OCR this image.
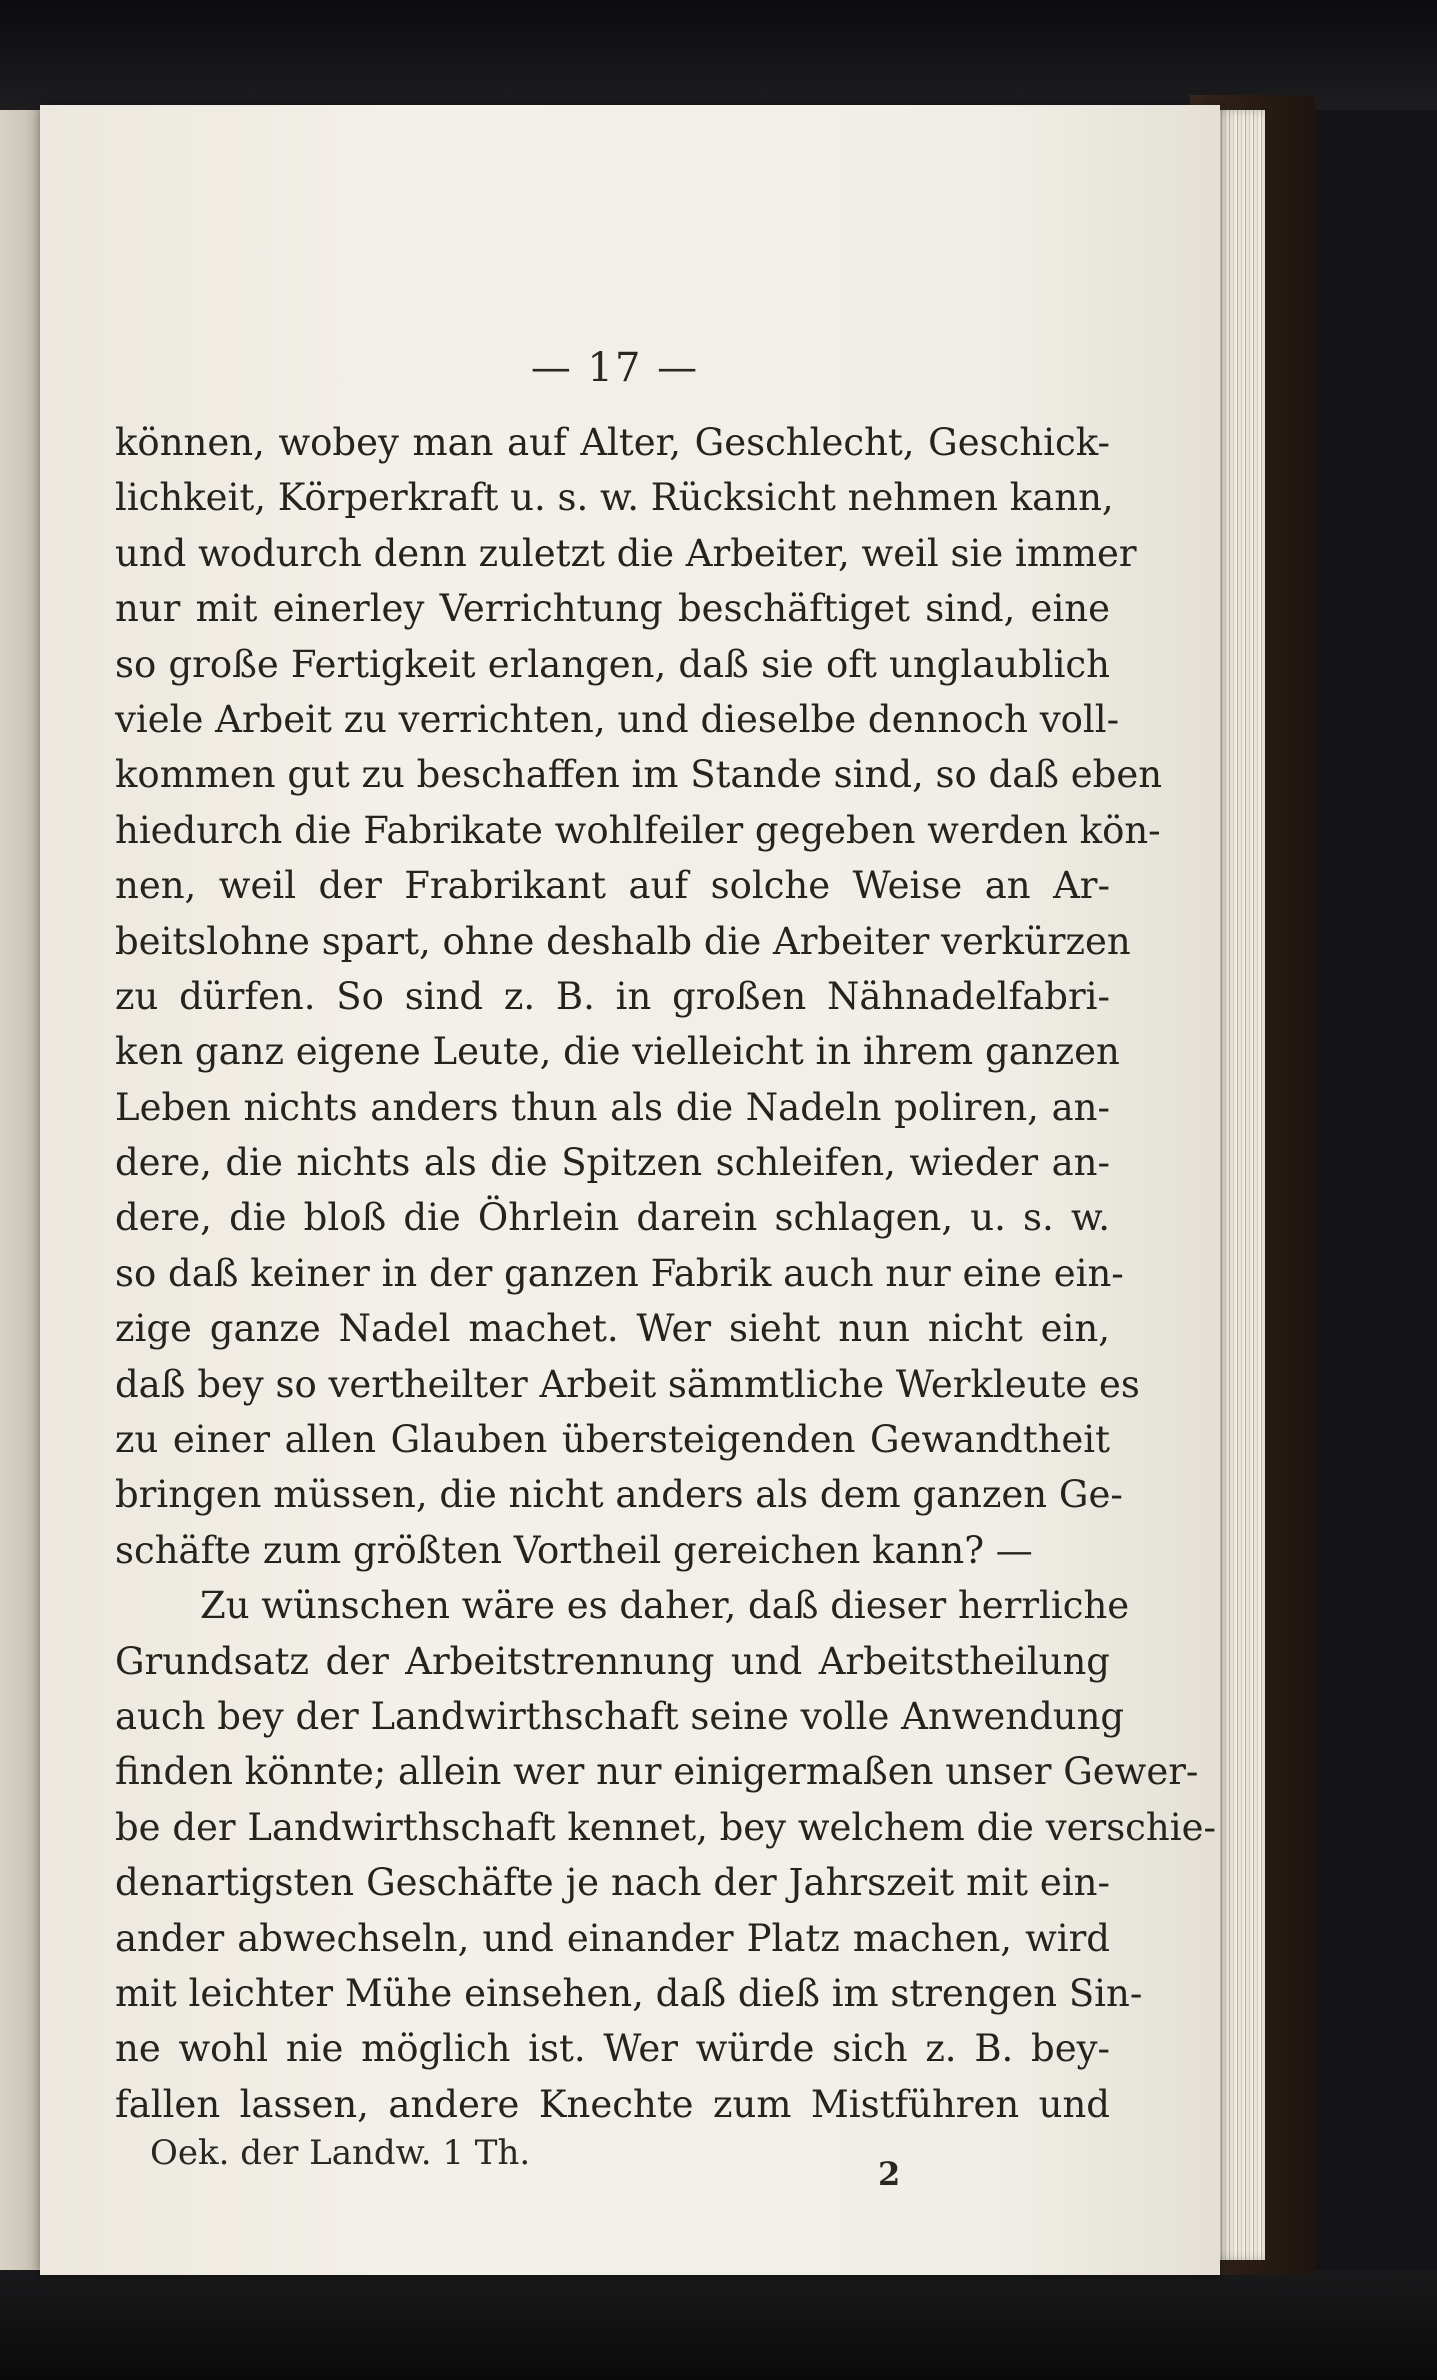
— 17 —
können, wobey man auf Alter, Geschlecht, Geschick-
lichkeit, Körperkraft u. s. w. Rücksicht nehmen kann,
und wodurch denn zuletzt die Arbeiter, weil sie immer
nur mit einerley Verrichtung beschäftiget sind, eine
so große Fertigkeit erlangen, daß sie oft unglaublich
viele Arbeit zu verrichten, und dieselbe dennoch voll-
kommen gut zu beschaffen im Stande sind, so daß eben
hiedurch die Fabrikate wohlfeiler gegeben werden kön-
nen, weil der Frabrikant auf solche Weise an Ar-
beitslohne spart, ohne deshalb die Arbeiter verkürzen
zu dürfen. So sind z. B. in großen Nähnadelfabri-
ken ganz eigene Leute, die vielleicht in ihrem ganzen
Leben nichts anders thun als die Nadeln poliren, an-
dere, die nichts als die Spitzen schleifen, wieder an-
dere, die bloß die Öhrlein darein schlagen, u. s. w.
so daß keiner in der ganzen Fabrik auch nur eine ein-
zige ganze Nadel machet. Wer sieht nun nicht ein,
daß bey so vertheilter Arbeit sämmtliche Werkleute es
zu einer allen Glauben übersteigenden Gewandtheit
bringen müssen, die nicht anders als dem ganzen Ge-
schäfte zum größten Vortheil gereichen kann? —
Zu wünschen wäre es daher, daß dieser herrliche
Grundsatz der Arbeitstrennung und Arbeitstheilung
auch bey der Landwirthschaft seine volle Anwendung
finden könnte; allein wer nur einigermaßen unser Gewer-
be der Landwirthschaft kennet, bey welchem die verschie-
denartigsten Geschäfte je nach der Jahrszeit mit ein-
ander abwechseln, und einander Platz machen, wird
mit leichter Mühe einsehen, daß dieß im strengen Sin-
ne wohl nie möglich ist. Wer würde sich z. B. bey-
fallen lassen, andere Knechte zum Mistführen und
Oek. der Landw. 1 Th.
2
